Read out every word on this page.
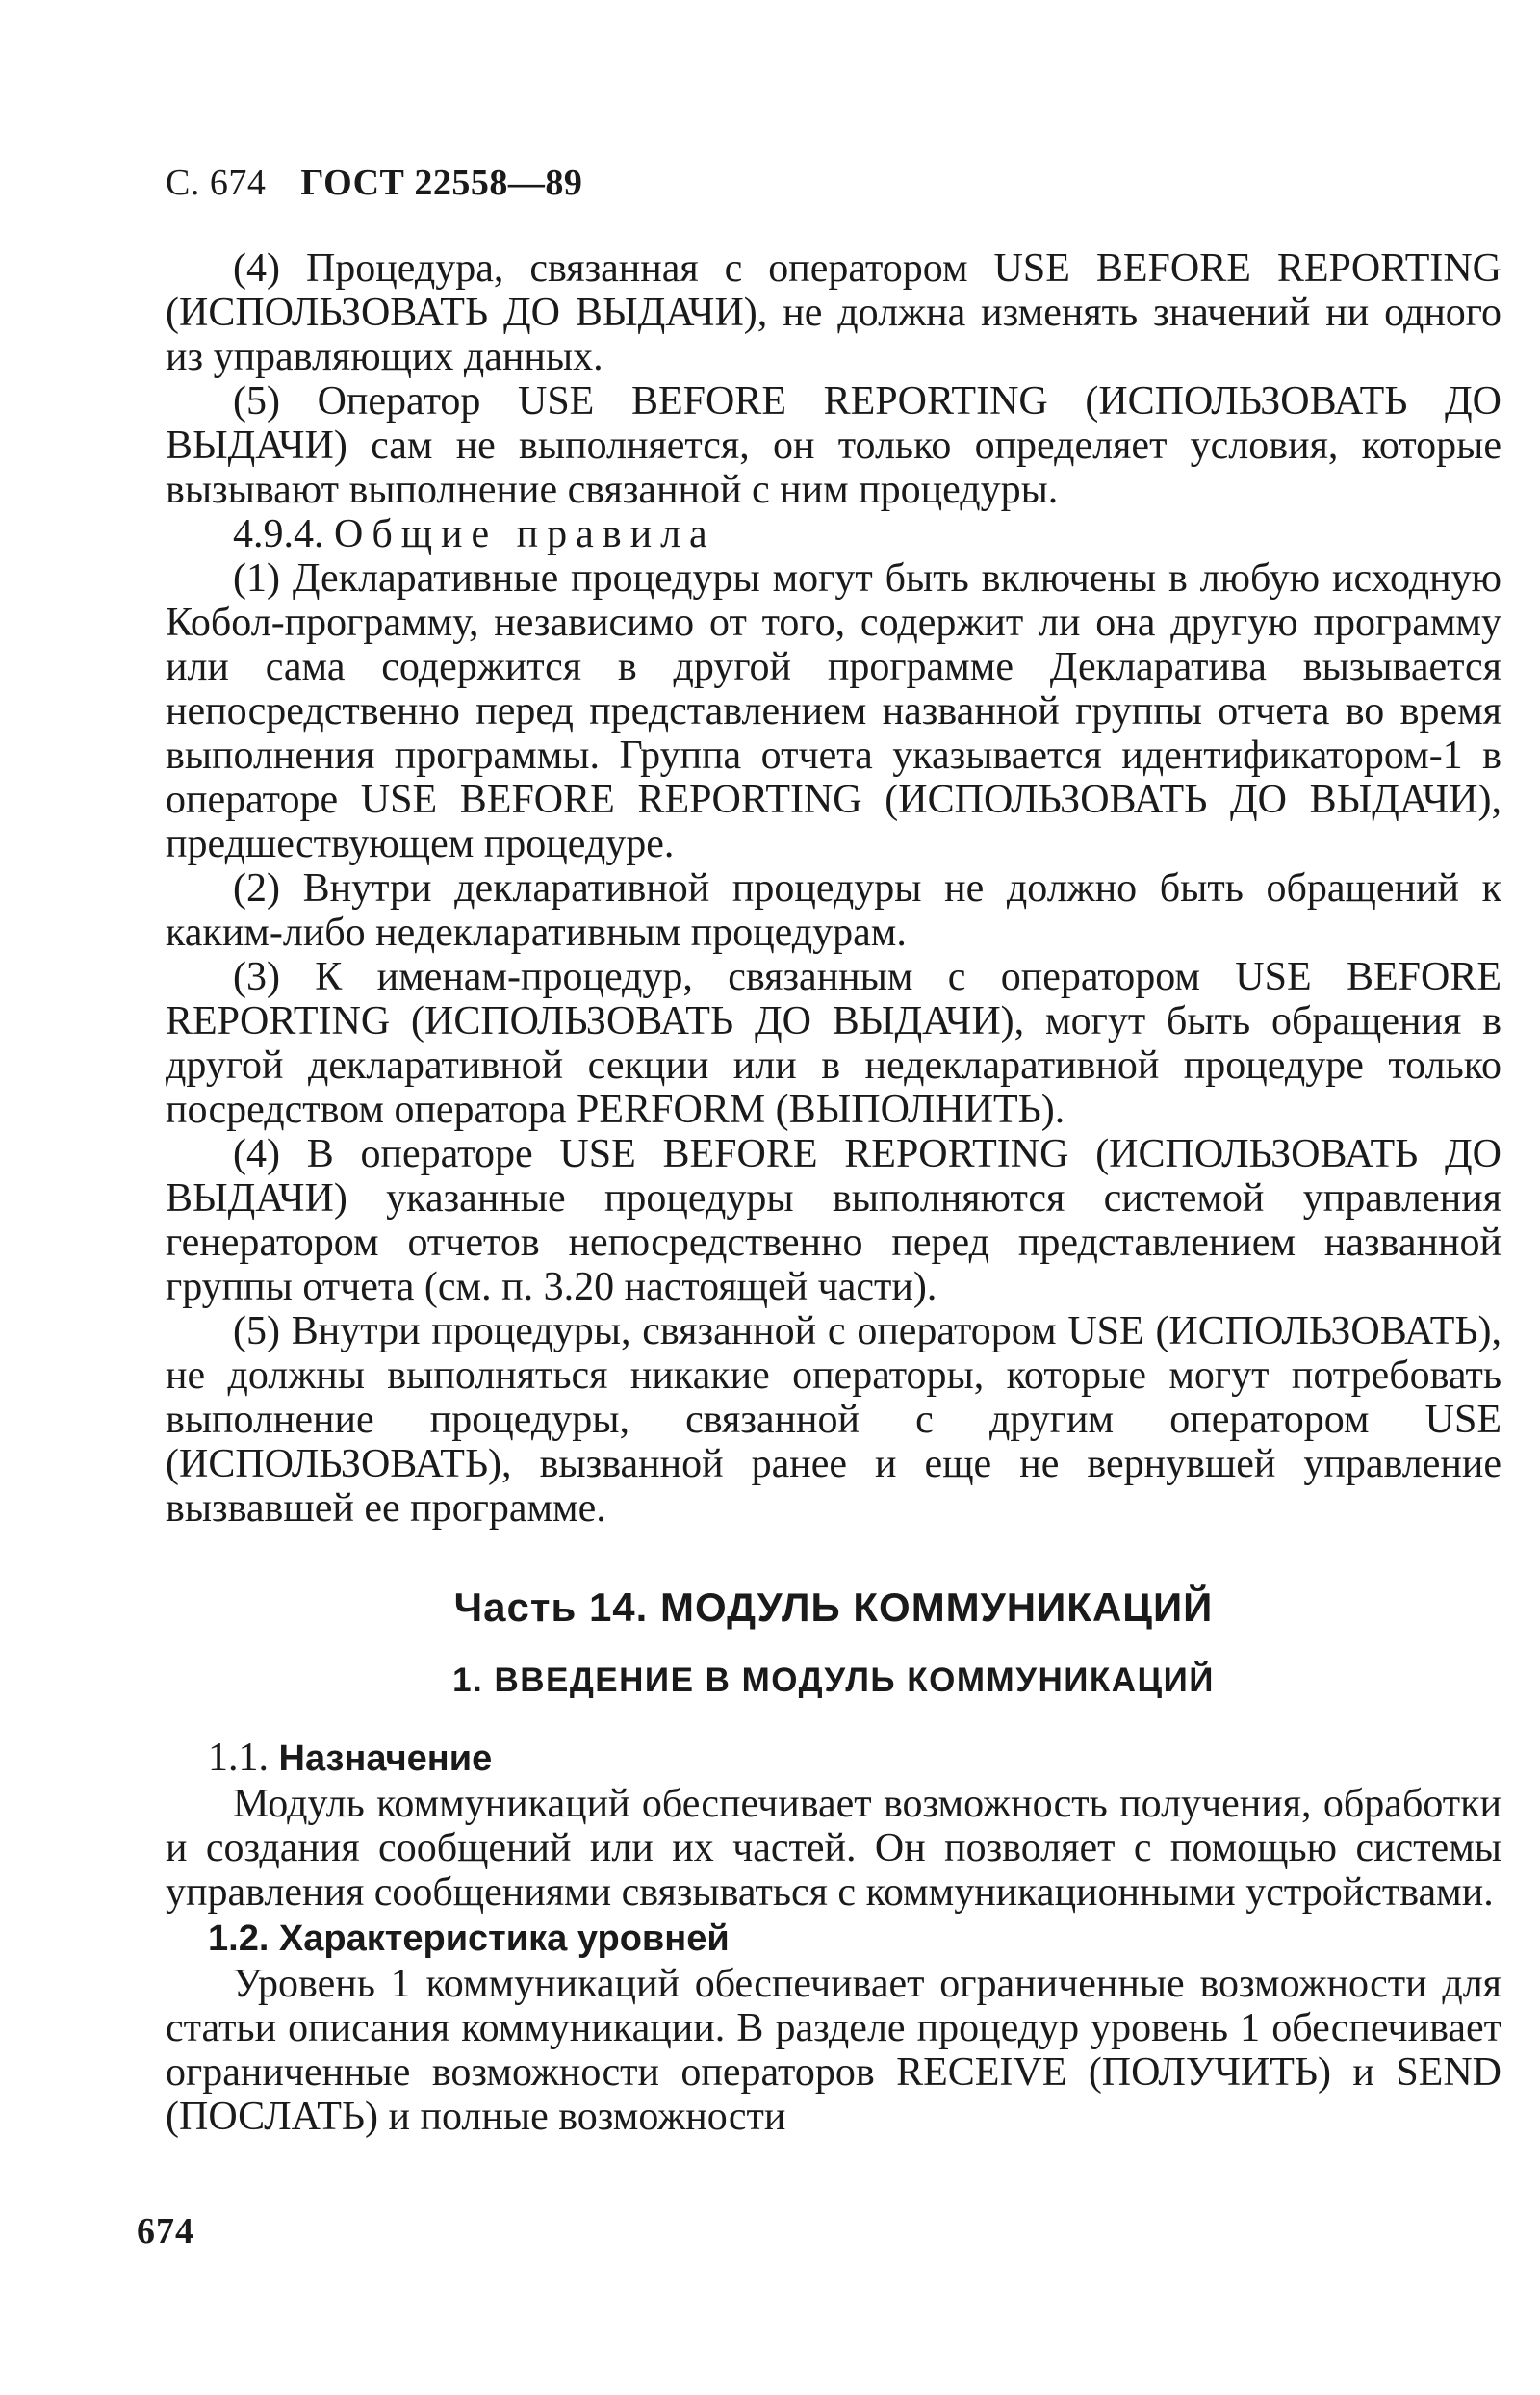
С. 674 ГОСТ 22558—89

(4) Процедура, связанная с оператором USE BEFORE REPORTING (ИСПОЛЬЗОВАТЬ ДО ВЫДАЧИ), не должна изменять значений ни одного из управляющих данных.

(5) Оператор USE BEFORE REPORTING (ИСПОЛЬЗОВАТЬ ДО ВЫДАЧИ) сам не выполняется, он только определяет условия, которые вызывают выполнение связанной с ним процедуры.

4.9.4. Общие правила

(1) Декларативные процедуры могут быть включены в любую исходную Кобол-программу, независимо от того, содержит ли она другую программу или сама содержится в другой программе Декларатива вызывается непосредственно перед представлением названной группы отчета во время выполнения программы. Группа отчета указывается идентификатором-1 в операторе USE BEFORE REPORTING (ИСПОЛЬЗОВАТЬ ДО ВЫДАЧИ), предшествующем процедуре.

(2) Внутри декларативной процедуры не должно быть обращений к каким-либо недекларативным процедурам.

(3) К именам-процедур, связанным с оператором USE BEFORE REPORTING (ИСПОЛЬЗОВАТЬ ДО ВЫДАЧИ), могут быть обращения в другой декларативной секции или в недекларативной процедуре только посредством оператора PERFORM (ВЫПОЛНИТЬ).

(4) В операторе USE BEFORE REPORTING (ИСПОЛЬЗОВАТЬ ДО ВЫДАЧИ) указанные процедуры выполняются системой управления генератором отчетов непосредственно перед представлением названной группы отчета (см. п. 3.20 настоящей части).

(5) Внутри процедуры, связанной с оператором USE (ИСПОЛЬЗОВАТЬ), не должны выполняться никакие операторы, которые могут потребовать выполнение процедуры, связанной с другим оператором USE (ИСПОЛЬЗОВАТЬ), вызванной ранее и еще не вернувшей управление вызвавшей ее программе.

Часть 14. МОДУЛЬ КОММУНИКАЦИЙ
1. ВВЕДЕНИЕ В МОДУЛЬ КОММУНИКАЦИЙ
1.1. Назначение

Модуль коммуникаций обеспечивает возможность получения, обработки и создания сообщений или их частей. Он позволяет с помощью системы управления сообщениями связываться с коммуникационными устройствами.

1.2. Характеристика уровней

Уровень 1 коммуникаций обеспечивает ограниченные возможности для статьи описания коммуникации. В разделе процедур уровень 1 обеспечивает ограниченные возможности операторов RECEIVE (ПОЛУЧИТЬ) и SEND (ПОСЛАТЬ) и полные возможности

674
